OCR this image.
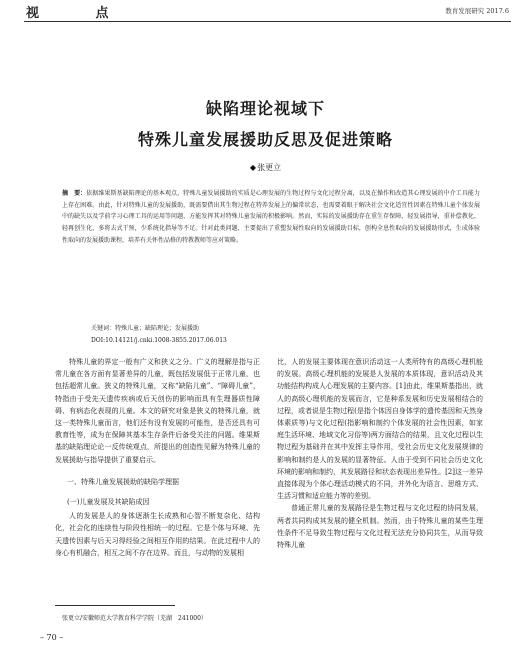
视 点	教育发展研究 2017.6
缺陷理论视域下
特殊儿童发展援助反思及促进策略
◆张更立
摘　要：依据维果斯基缺陷理论的基本观点，特殊儿童发展援助的实质是心理发展的生物过程与文化过程分离，以及在操作和改造其心理发展的中介工具能力上存在困难。由此，针对特殊儿童的发展援助，既需要借出其生物过程在特养发展上的偏常状态，也需要着眼于解决社会文化适宜性因素在特殊儿童个体发展中的缺失以及学前学习心理工具的运用等问题，方能发挥其对特殊儿童发展的积极影响。然而，实际的发展援助存在重生存保障，轻发展指导，重补偿教化，轻再创生化，多将去式干预，少系统化指导等不足。针对此类问题，主要提出了重塑发展性取向的发展援助目标，创构全息性取向的发展援助形式，生成体验性取向的发展援助课程，培养有关怀性品格的特教教师等应对策略。
关键词：特殊儿童；缺陷理论；发展援助
DOI:10.14121/j.cnki.1008-3855.2017.06.013

特殊儿童的界定一般有广义和狭义之分。广义的理解是指与正常儿童在各方面有显著差异的儿童，既包括发展低于正常儿童，也包括超常儿童。狭义的特殊儿童，又称“缺陷儿童”、“障碍儿童”，特指由于受先天遗传疾病或后天创伤的影响而具有生理器质性障碍、有病态化表现的儿童。本文的研究对象是狭义的特殊儿童，就这一类特殊儿童而言，他们还有没有发展的可能性，是否还具有可教育性等，成为在保障其基本生存条件后备受关注的问题。维果斯基的缺陷理论论一反传统观点，所提出的创造性见解为特殊儿童的发展援助与指导提供了重要启示。

一、特殊儿童发展援助的缺陷学理据

(一)儿童发展及其缺陷成因

人的发展是人的身体逐渐生长成熟和心智不断复杂化、结构化，社会化的连续性与阶段性相统一的过程。它是个体与环境、先天遗传因素与后天习得经验之间相互作用的结果。在此过程中人的身心有机融合，相互之间不存在边界。而且，与动物的发展相

比，人的发展主要体现在意识活动这一人类所特有的高级心理机能的发展。高级心理机能的发展是人发展的本质体现，意识活动及其功能结构构成人心理发展的主要内容。[1]由此，维果斯基指出，就人的高级心理机能的发展而言，它是种系发展和历史发展相结合的过程，或者说是生物过程(是指个体因自身体学的遗传基因和天然身体素质等)与文化过程(指影响和制约个体发展的社会性因素，如家庭生活环境、地域文化习俗等)两方面结合的结果，且文化过程以生物过程为基础并在其中发挥主导作用，受社会历史文化发展规律的影响和制约是人的发展的显著特征。人由于受到不同社会历史文化环境的影响和制约，其发展路径和状态表现出差异性。[2]这一差异直接体现为个体心理活动模式的不同，并外化为语言、思维方式、生活习惯和适应能力等的差别。

普通正常儿童的发展路径是生物过程与文化过程的协同发展，两者共同构成其发展的健全机制。然而，由于特殊儿童的某些生理性条件不足导致生物过程与文化过程无法充分协同共生，从而导致特殊儿童

张更立/安徽师范大学教育科学学院（芜湖　241000）
– 70 –
